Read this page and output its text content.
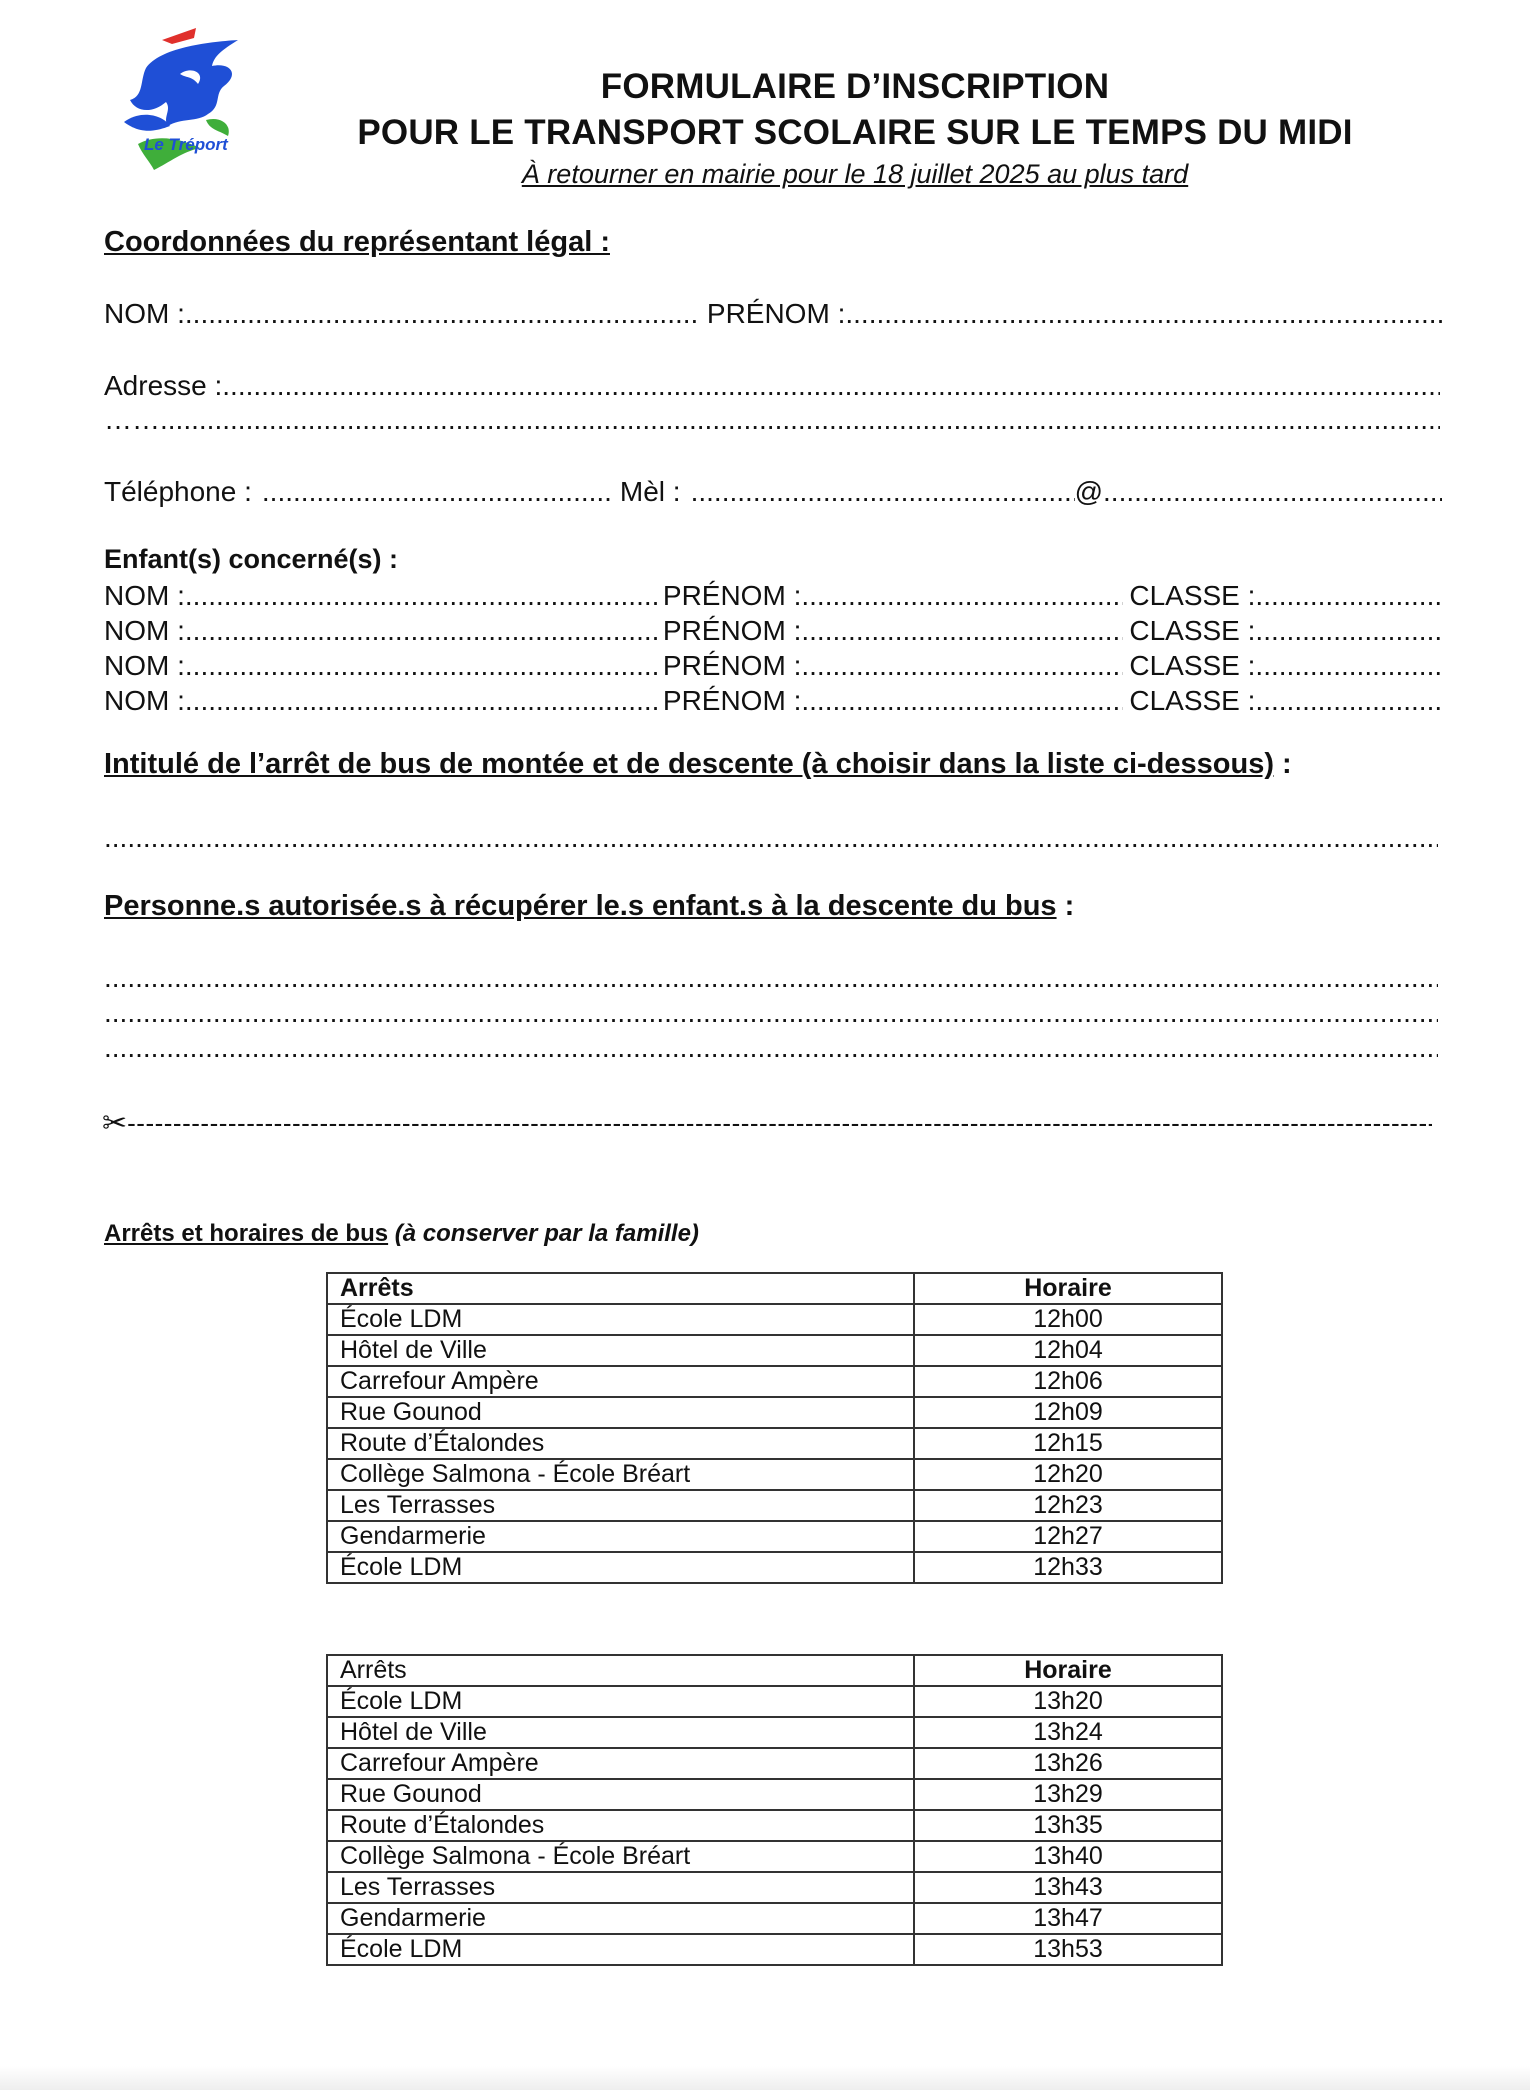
Le Tréport
FORMULAIRE D’INSCRIPTION
POUR LE TRANSPORT SCOLAIRE SUR LE TEMPS DU MIDI
À retourner en mairie pour le 18 juillet 2025 au plus tard
Coordonnées du représentant légal :
NOM : .....	PRÉNOM :
.....
Adresse :
.....
……
.....
Téléphone : .....	Mèl : .....	@
.....
Enfant(s) concerné(s) :
NOM : .....	PRÉNOM : .....	CLASSE :
.....
NOM : .....	PRÉNOM : .....	CLASSE :
.....
NOM : .....	PRÉNOM : .....	CLASSE :
.....
NOM : .....	PRÉNOM : .....	CLASSE :
.....
Intitulé de l’arrêt de bus de montée et de descente (à choisir dans la liste ci-dessous) :
.....
Personne.s autorisée.s à récupérer le.s enfant.s à la descente du bus :
.....
.....
.....
✂
-----
Arrêts et horaires de bus (à conserver par la famille)
Arrêts	Horaire
École LDM	12h00
Hôtel de Ville	12h04
Carrefour Ampère	12h06
Rue Gounod	12h09
Route d’Étalondes	12h15
Collège Salmona - École Bréart	12h20
Les Terrasses	12h23
Gendarmerie	12h27
École LDM	12h33
Arrêts	Horaire
École LDM	13h20
Hôtel de Ville	13h24
Carrefour Ampère	13h26
Rue Gounod	13h29
Route d’Étalondes	13h35
Collège Salmona - École Bréart	13h40
Les Terrasses	13h43
Gendarmerie	13h47
École LDM	13h53
